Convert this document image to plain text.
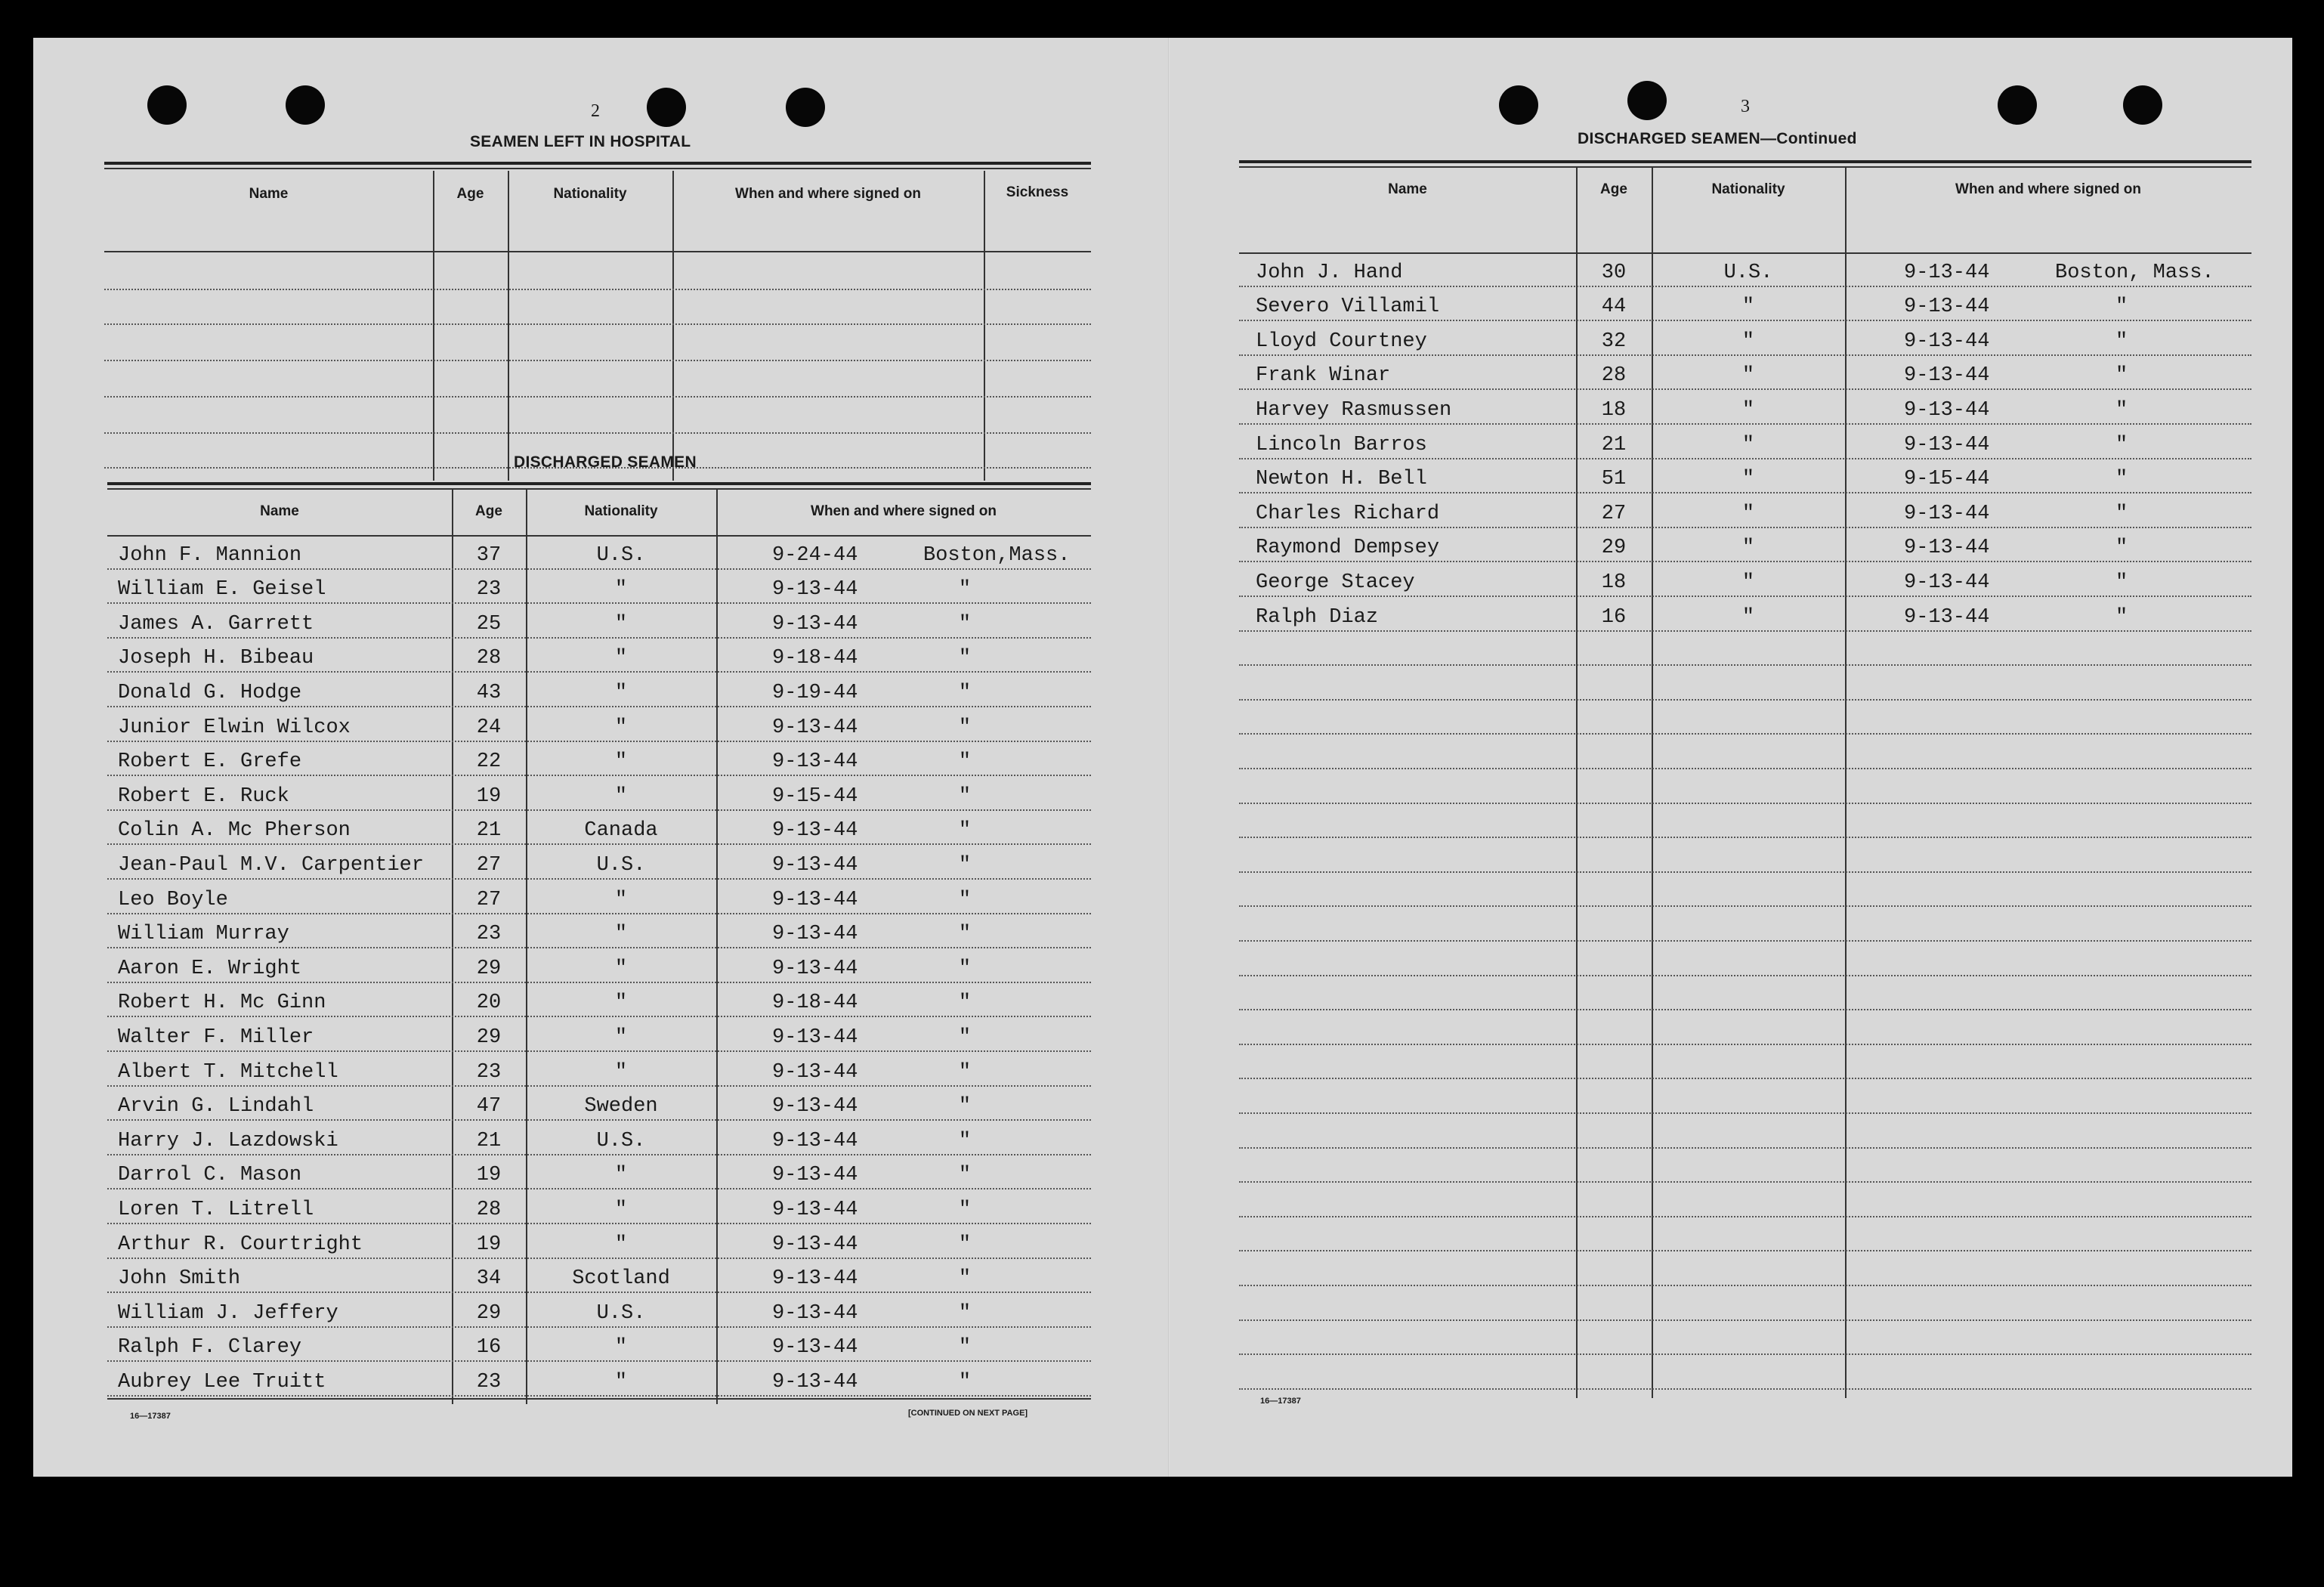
2
SEAMEN LEFT IN HOSPITAL
Name	Age	Nationality	When and where signed on	Sickness
DISCHARGED SEAMEN
Name	Age	Nationality	When and where signed on
John F. Mannion	37	U.S.	9-24-44	Boston,Mass.
William E. Geisel	23	"	9-13-44	"
James A. Garrett	25	"	9-13-44	"
Joseph H. Bibeau	28	"	9-18-44	"
Donald G. Hodge	43	"	9-19-44	"
Junior Elwin Wilcox	24	"	9-13-44	"
Robert E. Grefe	22	"	9-13-44	"
Robert E. Ruck	19	"	9-15-44	"
Colin A. Mc Pherson	21	Canada	9-13-44	"
Jean-Paul M.V. Carpentier	27	U.S.	9-13-44	"
Leo Boyle	27	"	9-13-44	"
William Murray	23	"	9-13-44	"
Aaron E. Wright	29	"	9-13-44	"
Robert H. Mc Ginn	20	"	9-18-44	"
Walter F. Miller	29	"	9-13-44	"
Albert T. Mitchell	23	"	9-13-44	"
Arvin G. Lindahl	47	Sweden	9-13-44	"
Harry J. Lazdowski	21	U.S.	9-13-44	"
Darrol C. Mason	19	"	9-13-44	"
Loren T. Litrell	28	"	9-13-44	"
Arthur R. Courtright	19	"	9-13-44	"
John Smith	34	Scotland	9-13-44	"
William J. Jeffery	29	U.S.	9-13-44	"
Ralph F. Clarey	16	"	9-13-44	"
Aubrey Lee Truitt	23	"	9-13-44	"
16—17387	[CONTINUED ON NEXT PAGE]
3
DISCHARGED SEAMEN—Continued
Name	Age	Nationality	When and where signed on
John J. Hand	30	U.S.	9-13-44	Boston, Mass.
Severo Villamil	44	"	9-13-44	"
Lloyd Courtney	32	"	9-13-44	"
Frank Winar	28	"	9-13-44	"
Harvey Rasmussen	18	"	9-13-44	"
Lincoln Barros	21	"	9-13-44	"
Newton H. Bell	51	"	9-15-44	"
Charles Richard	27	"	9-13-44	"
Raymond Dempsey	29	"	9-13-44	"
George Stacey	18	"	9-13-44	"
Ralph Diaz	16	"	9-13-44	"
16—17387
